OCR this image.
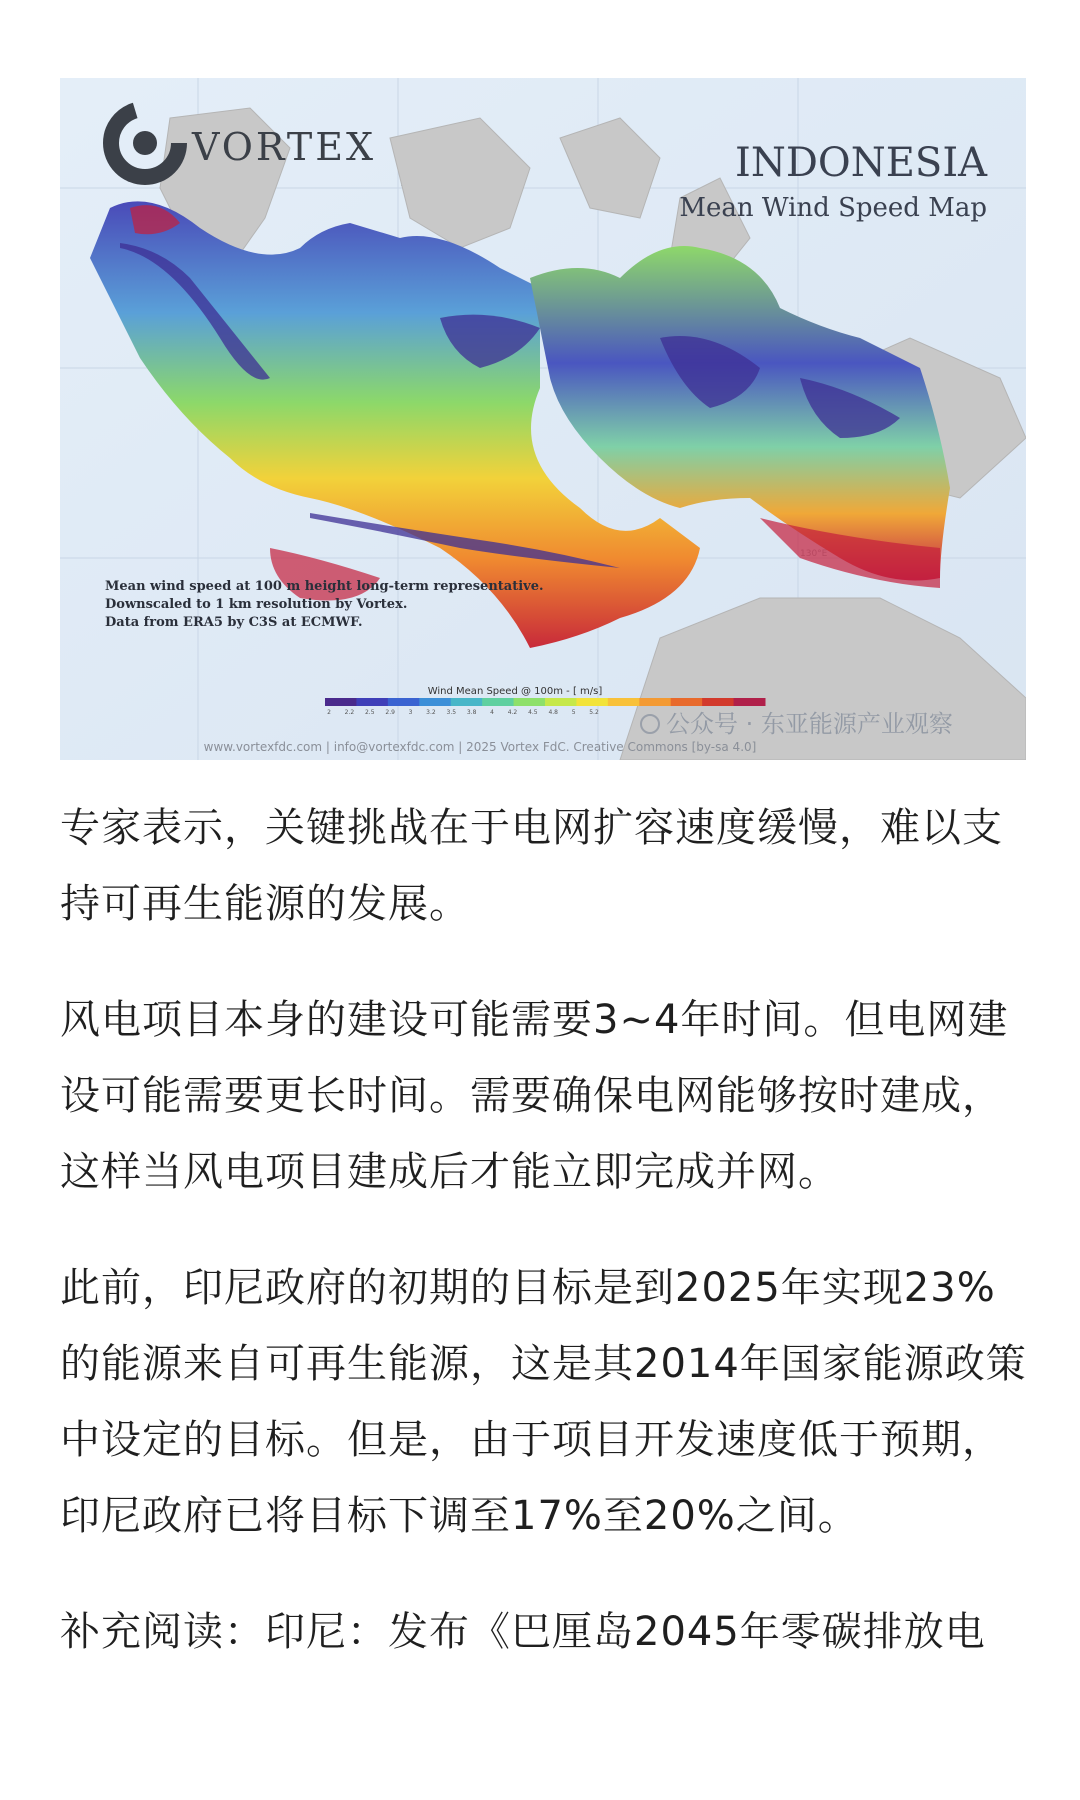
VORTEX	INDONESIA
Mean Wind Speed Map
Mean wind speed at 100 m height long-term representative.
Downscaled to 1 km resolution by Vortex.
Data from ERA5 by C3S at ECMWF.
Wind Mean Speed @ 100m - [ m/s]
2 2.2 2.5 2.9 3 3.2 3.5 3.8 4 4.2 4.5 4.8 5 5.2
www.vortexfdc.com | info@vortexfdc.com | 2025 Vortex FdC. Creative Commons [by-sa 4.0]
公众号 · 东亚能源产业观察

专家表示，关键挑战在于电网扩容速度缓慢，难以支持可再生能源的发展。

风电项目本身的建设可能需要3~4年时间。但电网建设可能需要更长时间。需要确保电网能够按时建成，这样当风电项目建成后才能立即完成并网。

此前，印尼政府的初期的目标是到2025年实现23%的能源来自可再生能源，这是其2014年国家能源政策中设定的目标。但是，由于项目开发速度低于预期，印尼政府已将目标下调至17%至20%之间。

补充阅读：印尼：发布《巴厘岛2045年零碳排放电
